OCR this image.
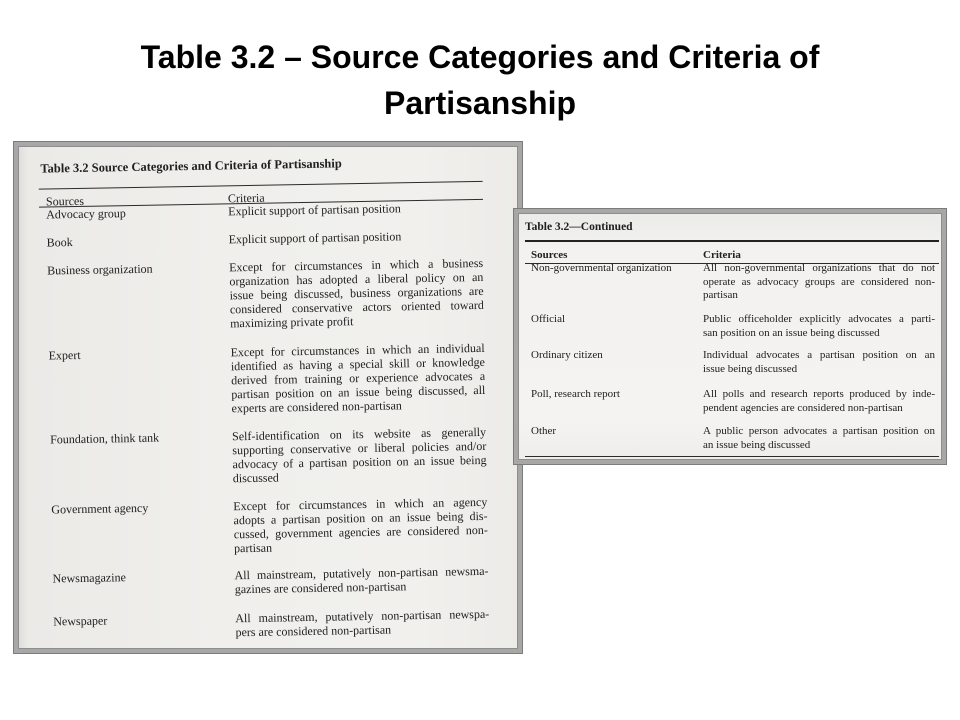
Table 3.2 – Source Categories and Criteria of Partisanship
Table 3.2 Source Categories and Criteria of Partisanship
Sources	Criteria
Advocacy group	Explicit support of partisan position
Book	Explicit support of partisan position
Business organization	Except for circumstances in which a business
organization has adopted a liberal policy on an
issue being discussed, business organizations are
considered conservative actors oriented toward
maximizing private profit
Expert	Except for circumstances in which an individual
identified as having a special skill or knowledge
derived from training or experience advocates a
partisan position on an issue being discussed, all
experts are considered non-partisan
Foundation, think tank	Self-identification on its website as generally
supporting conservative or liberal policies and/or
advocacy of a partisan position on an issue being
discussed
Government agency	Except for circumstances in which an agency
adopts a partisan position on an issue being dis-
cussed, government agencies are considered non-
partisan
Newsmagazine	All mainstream, putatively non-partisan newsma-
gazines are considered non-partisan
Newspaper	All mainstream, putatively non-partisan newspa-
pers are considered non-partisan
Table 3.2—Continued
Sources	Criteria
Non-governmental organization	All non-governmental organizations that do not
operate as advocacy groups are considered non-
partisan
Official	Public officeholder explicitly advocates a parti-
san position on an issue being discussed
Ordinary citizen	Individual advocates a partisan position on an
issue being discussed
Poll, research report	All polls and research reports produced by inde-
pendent agencies are considered non-partisan
Other	A public person advocates a partisan position on
an issue being discussed
